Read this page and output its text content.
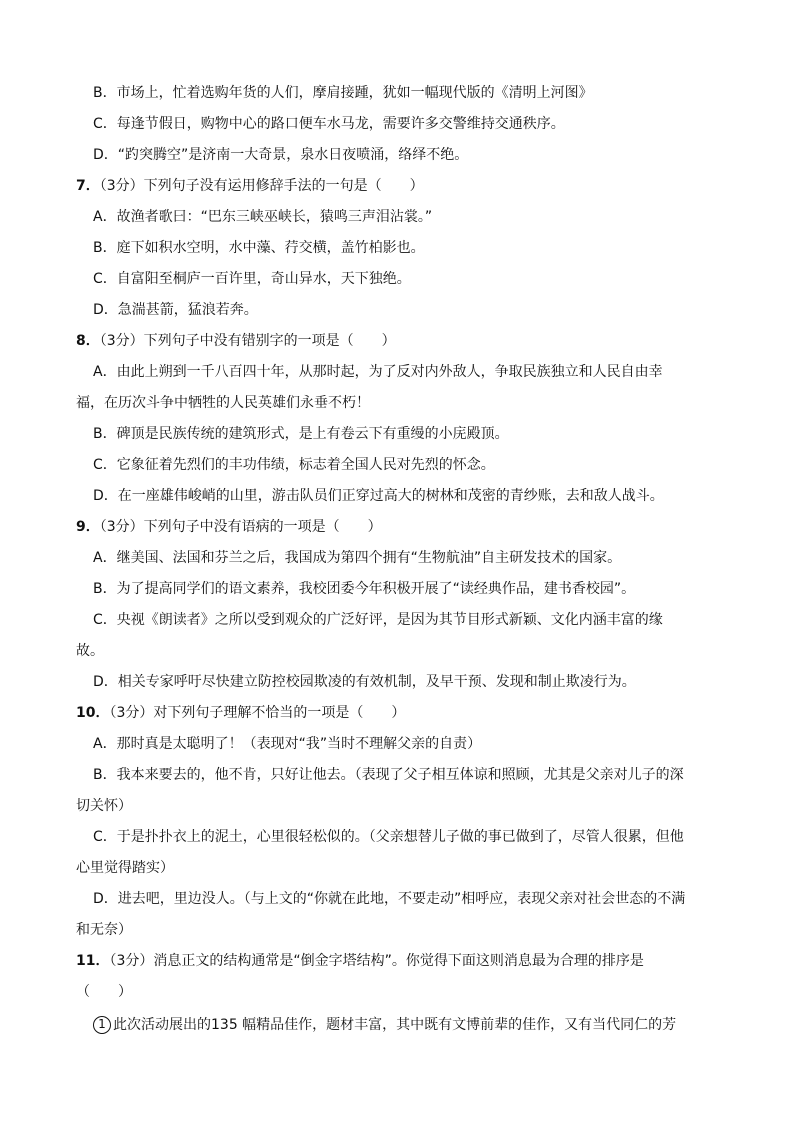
B．市场上，忙着选购年货的人们，摩肩接踵，犹如一幅现代版的《清明上河图》
C．每逢节假日，购物中心的路口便车水马龙，需要许多交警维持交通秩序。
D．“趵突腾空”是济南一大奇景，泉水日夜喷涌，络绎不绝。
7．（3分）下列句子没有运用修辞手法的一句是（　　）
A．故渔者歌曰：“巴东三峡巫峡长，猿鸣三声泪沾裳。”
B．庭下如积水空明，水中藻、荇交横，盖竹柏影也。
C．自富阳至桐庐一百许里，奇山异水，天下独绝。
D．急湍甚箭，猛浪若奔。
8．（3分）下列句子中没有错别字的一项是（　　）
A．由此上朔到一千八百四十年，从那时起，为了反对内外敌人，争取民族独立和人民自由幸
福，在历次斗争中牺牲的人民英雄们永垂不朽！
B．碑顶是民族传统的建筑形式，是上有卷云下有重缦的小庑殿顶。
C．它象征着先烈们的丰功伟绩，标志着全国人民对先烈的怀念。
D．在一座雄伟峻峭的山里，游击队员们正穿过高大的树林和茂密的青纱账，去和敌人战斗。
9．（3分）下列句子中没有语病的一项是（　　）
A．继美国、法国和芬兰之后，我国成为第四个拥有“生物航油”自主研发技术的国家。
B．为了提高同学们的语文素养，我校团委今年积极开展了“读经典作品，建书香校园”。
C．央视《朗读者》之所以受到观众的广泛好评，是因为其节目形式新颖、文化内涵丰富的缘
故。
D．相关专家呼吁尽快建立防控校园欺凌的有效机制，及早干预、发现和制止欺凌行为。
10．（3分）对下列句子理解不恰当的一项是（　　）
A．那时真是太聪明了！（表现对“我”当时不理解父亲的自责）
B．我本来要去的，他不肯，只好让他去。（表现了父子相互体谅和照顾，尤其是父亲对儿子的深
切关怀）
C．于是扑扑衣上的泥土，心里很轻松似的。（父亲想替儿子做的事已做到了，尽管人很累，但他
心里觉得踏实）
D．进去吧，里边没人。（与上文的“你就在此地，不要走动”相呼应，表现父亲对社会世态的不满
和无奈）
11．（3分）消息正文的结构通常是“倒金字塔结构”。你觉得下面这则消息最为合理的排序是
（　　）
1 此次活动展出的135 幅精品佳作，题材丰富，其中既有文博前辈的佳作，又有当代同仁的芳
